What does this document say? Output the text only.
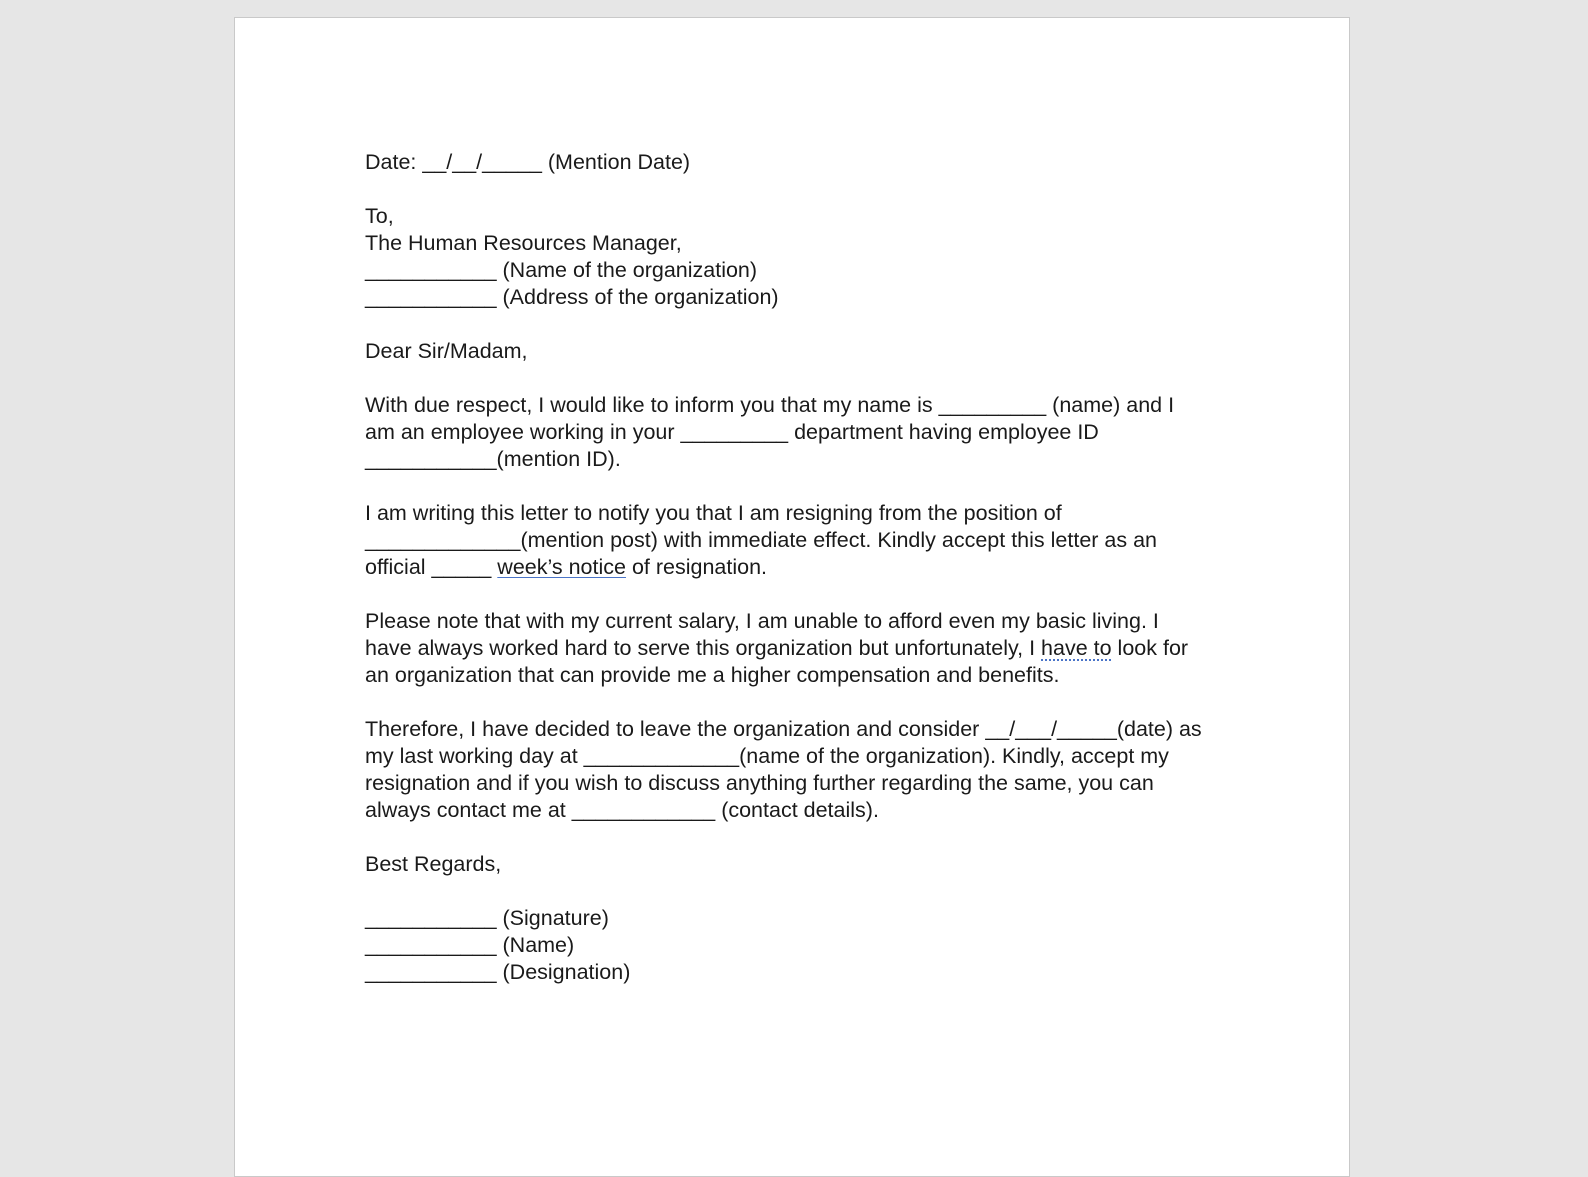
Date: __/__/_____ (Mention Date)
To,
The Human Resources Manager,
___________ (Name of the organization)
___________ (Address of the organization)
Dear Sir/Madam,
With due respect, I would like to inform you that my name is _________ (name) and I
am an employee working in your _________ department having employee ID
___________(mention ID).
I am writing this letter to notify you that I am resigning from the position of
_____________(mention post) with immediate effect. Kindly accept this letter as an
official _____ week’s notice of resignation.
Please note that with my current salary, I am unable to afford even my basic living. I
have always worked hard to serve this organization but unfortunately, I have to look for
an organization that can provide me a higher compensation and benefits.
Therefore, I have decided to leave the organization and consider __/___/_____(date) as
my last working day at _____________(name of the organization). Kindly, accept my
resignation and if you wish to discuss anything further regarding the same, you can
always contact me at ____________ (contact details).
Best Regards,
___________ (Signature)
___________ (Name)
___________ (Designation)
